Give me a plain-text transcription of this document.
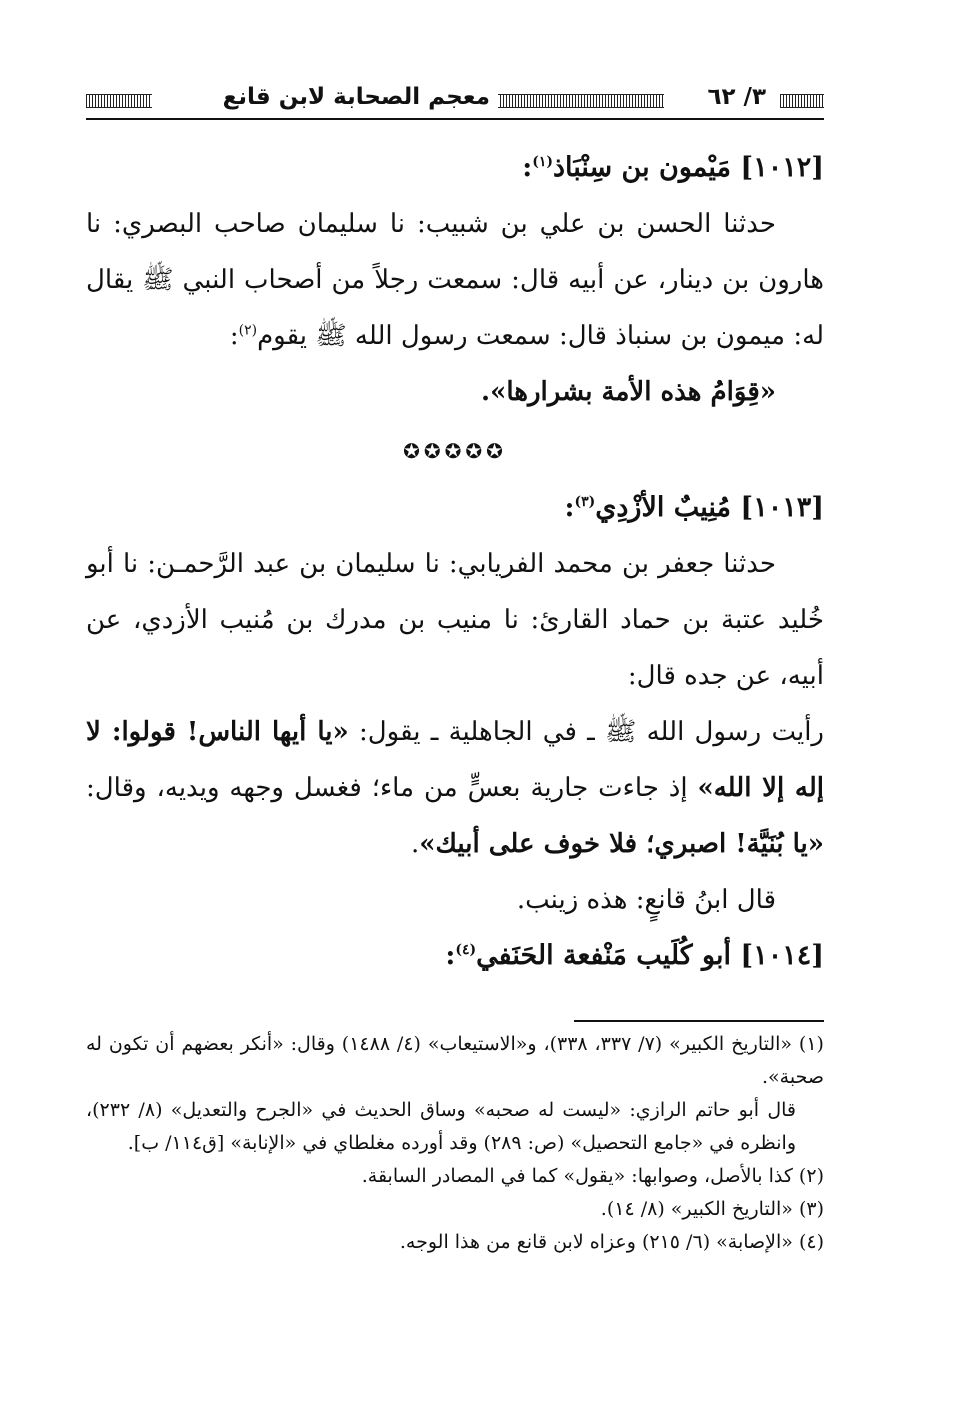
٣/ ٦٢
معجم الصحابة لابن قانع

[١٠١٢] مَيْمون بن سِنْبَاذ$^{(١)}$:

حدثنا الحسن بن علي بن شبيب: نا سليمان صاحب البصري: نا هارون بن دينار، عن أبيه قال: سمعت رجلاً من أصحاب النبي ﷺ يقال له: ميمون بن سنباذ قال: سمعت رسول الله ﷺ يقوم$^{(٢)}$:

«قِوَامُ هذه الأمة بشرارها».

✪✪✪✪✪

[١٠١٣] مُنِيبٌ الأزْدِي$^{(٣)}$:

حدثنا جعفر بن محمد الفريابي: نا سليمان بن عبد الرَّحمـن: نا أبو خُليد عتبة بن حماد القارئ: نا منيب بن مدرك بن مُنيب الأزدي، عن أبيه، عن جده قال:

رأيت رسول الله ﷺ ـ في الجاهلية ـ يقول: «يا أيها الناس! قولوا: لا إله إلا الله» إذ جاءت جارية بعسٍّ من ماء؛ فغسل وجهه ويديه، وقال: «يا بُنَيَّة! اصبري؛ فلا خوف على أبيك».

قال ابنُ قانعٍ: هذه زينب.

[١٠١٤] أبو كُلَيب مَنْفعة الحَنَفي$^{(٤)}$:

(١) «التاريخ الكبير» (٧/ ٣٣٧، ٣٣٨)، و«الاستيعاب» (٤/ ١٤٨٨) وقال: «أنكر بعضهم أن تكون له صحبة».

قال أبو حاتم الرازي: «ليست له صحبه» وساق الحديث في «الجرح والتعديل» (٨/ ٢٣٢)، وانظره في «جامع التحصيل» (ص: ٢٨٩) وقد أورده مغلطاي في «الإنابة» [ق١١٤/ ب].

(٢) كذا بالأصل، وصوابها: «يقول» كما في المصادر السابقة.

(٣) «التاريخ الكبير» (٨/ ١٤).

(٤) «الإصابة» (٦/ ٢١٥) وعزاه لابن قانع من هذا الوجه.
